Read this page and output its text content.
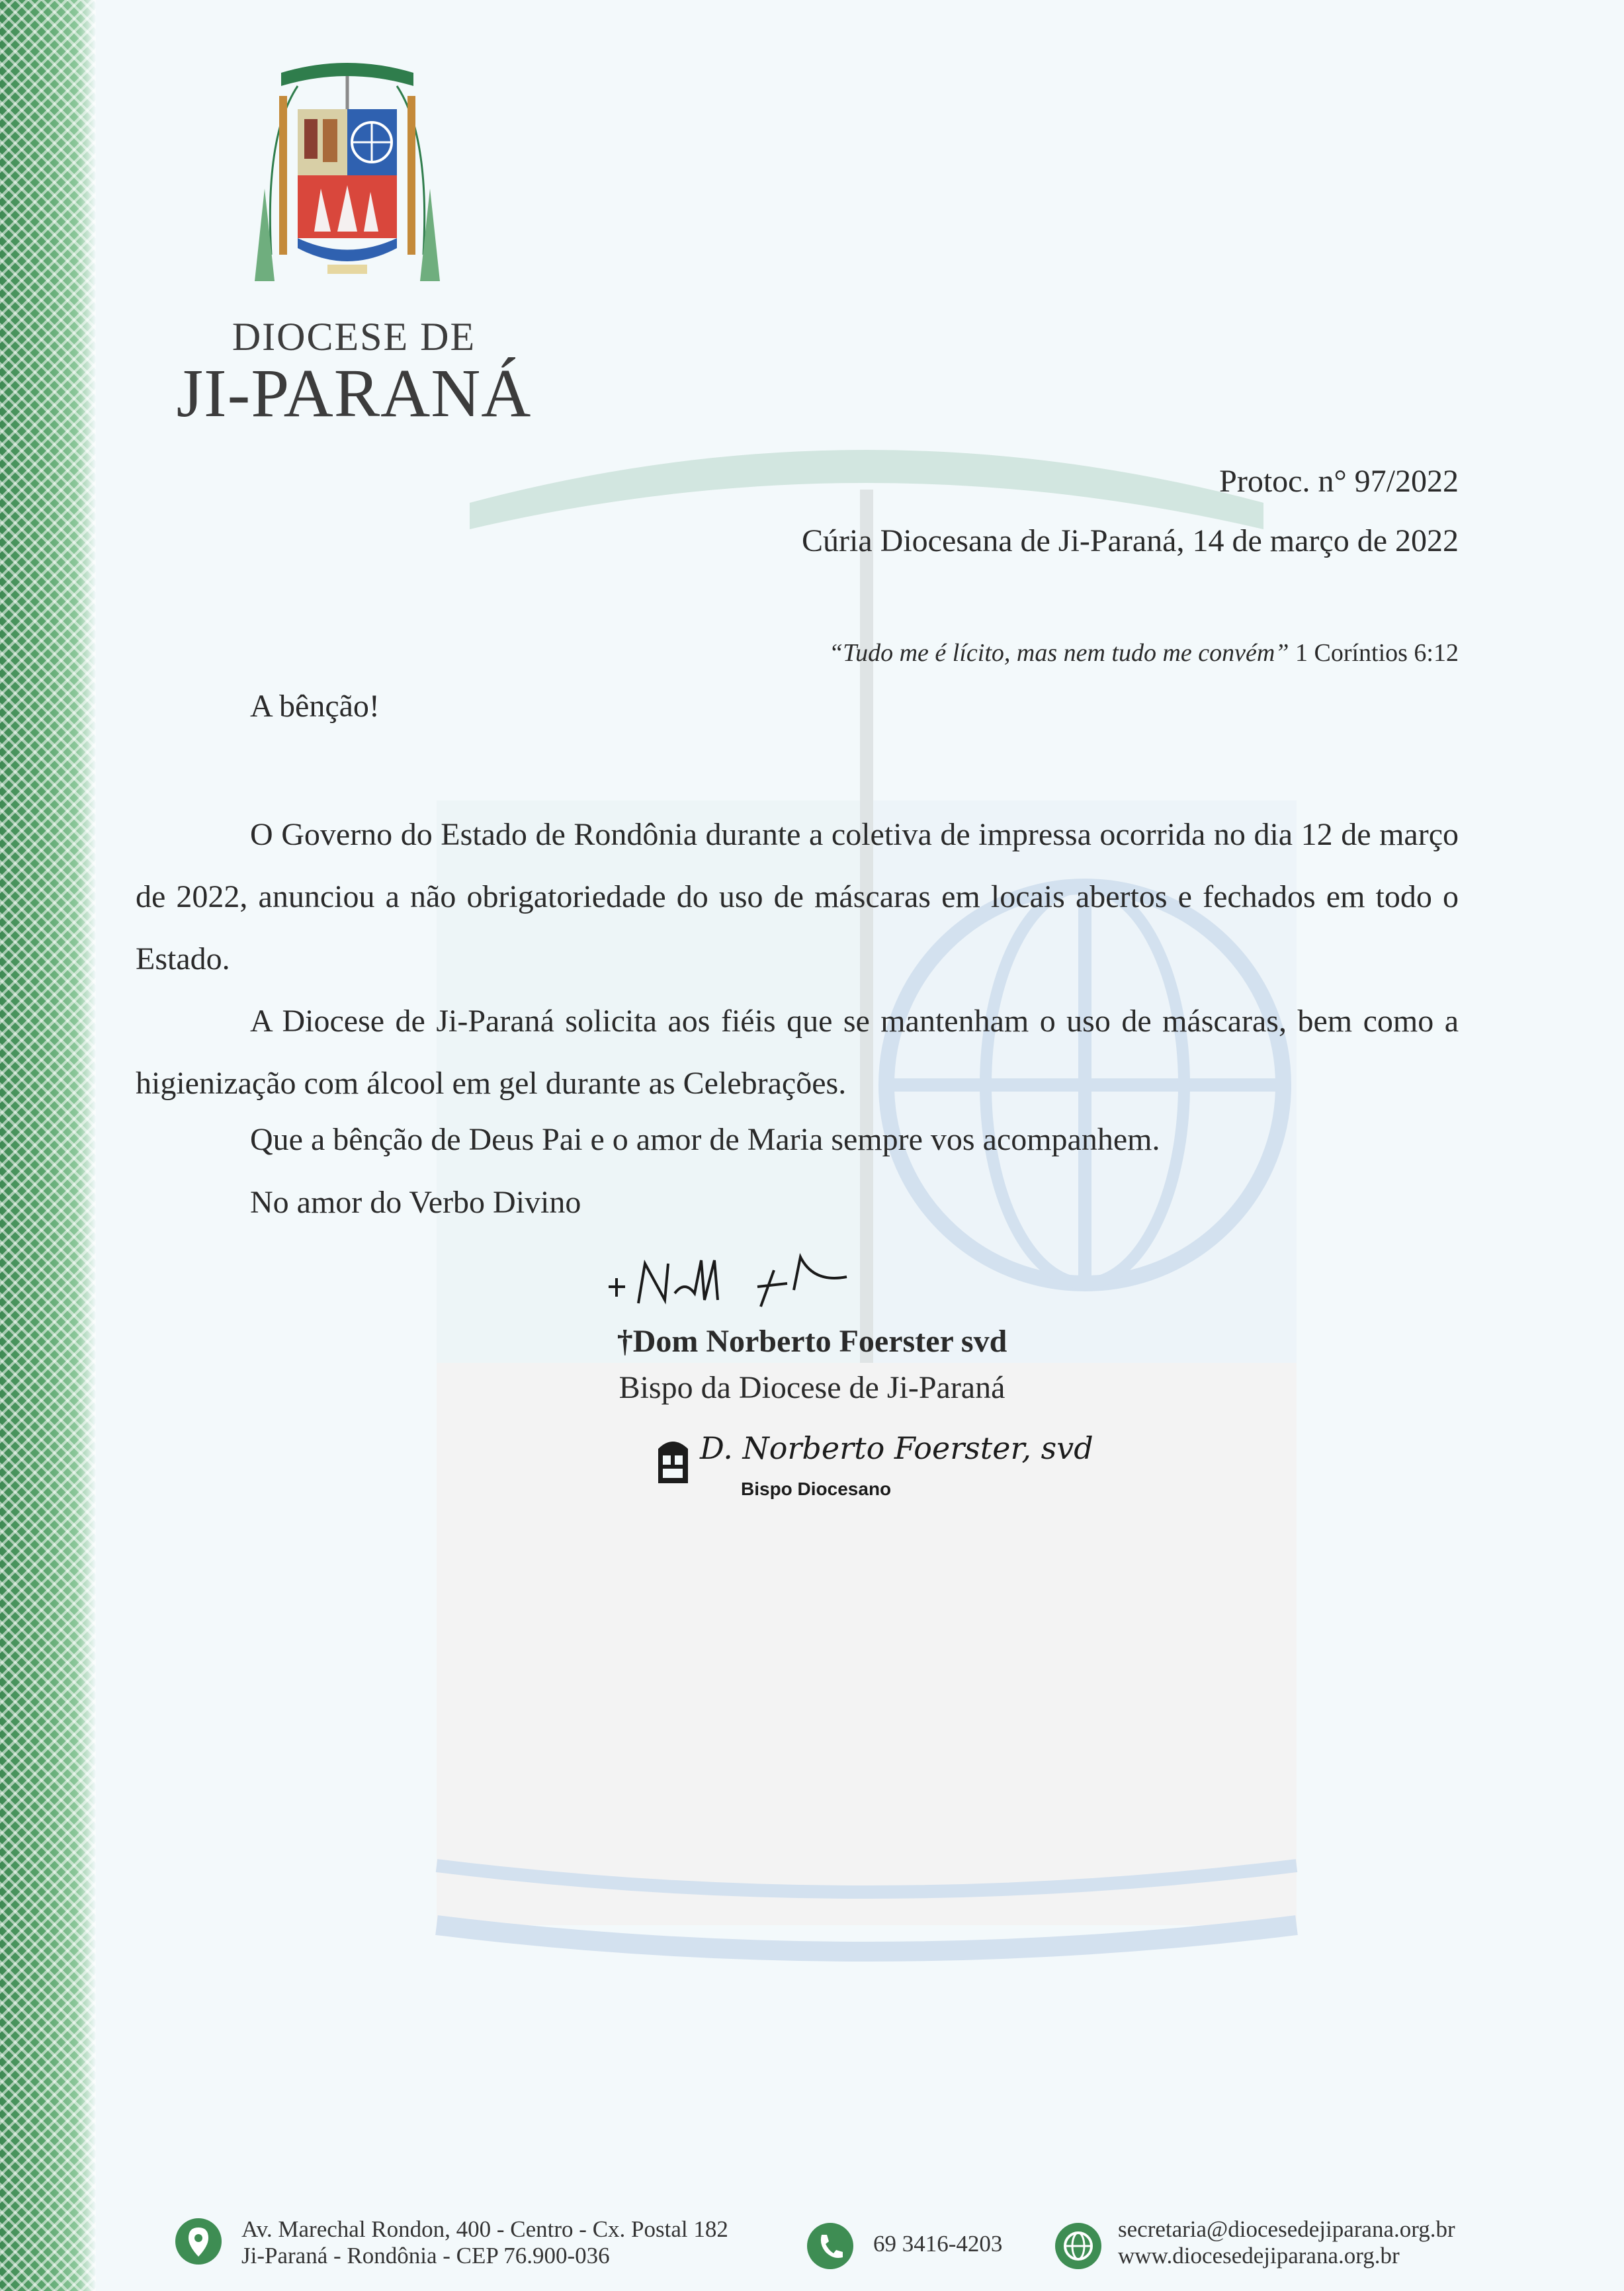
DIOCESE DE
JI-PARANÁ
Protoc. n° 97/2022
Cúria Diocesana de Ji-Paraná, 14 de março de 2022
“Tudo me é lícito, mas nem tudo me convém” 1 Coríntios 6:12
A bênção!

O Governo do Estado de Rondônia durante a coletiva de impressa ocorrida no dia 12 de março de 2022, anunciou a não obrigatoriedade do uso de máscaras em locais abertos e fechados em todo o Estado.

A Diocese de Ji-Paraná solicita aos fiéis que se mantenham o uso de máscaras, bem como a higienização com álcool em gel durante as Celebrações.

Que a bênção de Deus Pai e o amor de Maria sempre vos acompanhem.
No amor do Verbo Divino
†Dom Norberto Foerster svd
Bispo da Diocese de Ji-Paraná
D. Norberto Foerster, svd
Bispo Diocesano
Av. Marechal Rondon, 400 - Centro - Cx. Postal 182
Ji-Paraná - Rondônia - CEP 76.900-036	69 3416-4203
secretaria@diocesedejiparana.org.br
www.diocesedejiparana.org.br
